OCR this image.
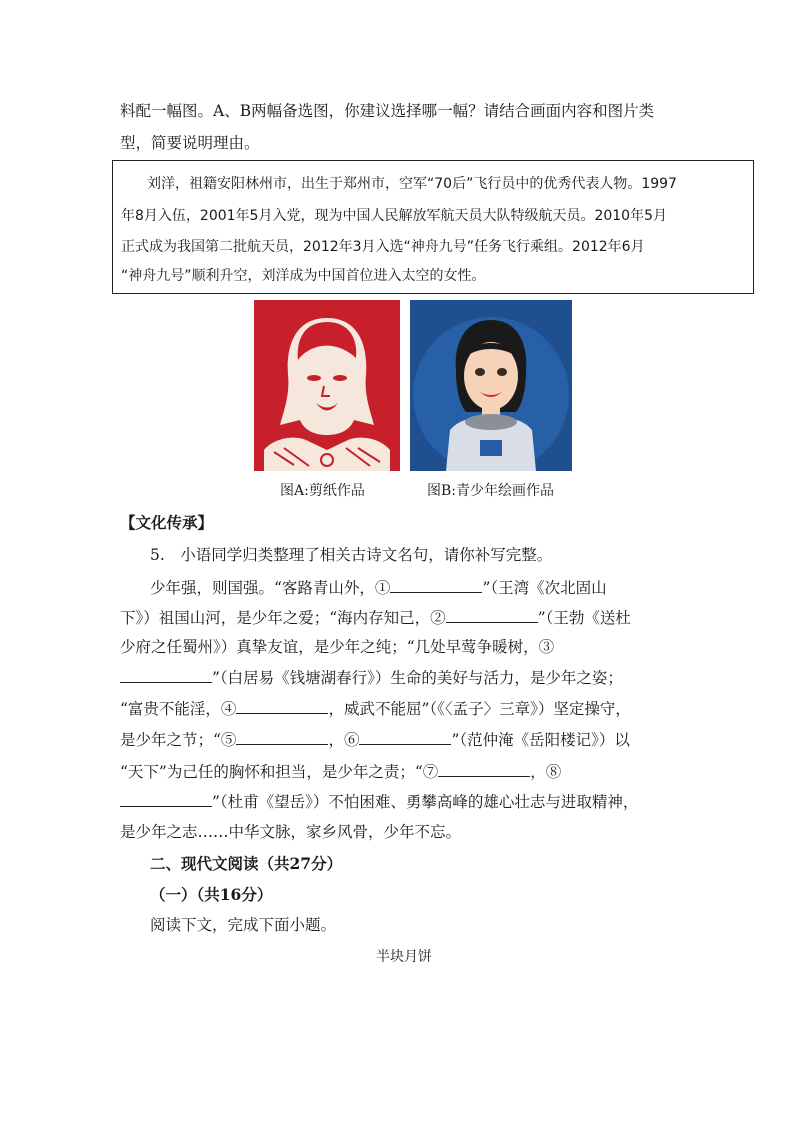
料配一幅图。A、B两幅备选图，你建议选择哪一幅？请结合画面内容和图片类
型，简要说明理由。
刘洋，祖籍安阳林州市，出生于郑州市，空军“70后”飞行员中的优秀代表人物。1997
年8月入伍，2001年5月入党，现为中国人民解放军航天员大队特级航天员。2010年5月
正式成为我国第二批航天员，2012年3月入选“神舟九号”任务飞行乘组。2012年6月
“神舟九号”顺利升空，刘洋成为中国首位进入太空的女性。
图A:剪纸作品	图B:青少年绘画作品
【文化传承】
5.　小语同学归类整理了相关古诗文名句，请你补写完整。
少年强，则国强。“客路青山外，①	”（王湾《次北固山
下》）祖国山河，是少年之爱；“海内存知己，②	”（王勃《送杜
少府之任蜀州》）真挚友谊，是少年之纯；“几处早莺争暖树，③
”（白居易《钱塘湖春行》）生命的美好与活力，是少年之姿；
“富贵不能淫，④	，威武不能屈”（《〈孟子〉三章》）坚定操守，
是少年之节；“⑤	，⑥	”（范仲淹《岳阳楼记》）以
“天下”为己任的胸怀和担当，是少年之责；“⑦	，⑧
”（杜甫《望岳》）不怕困难、勇攀高峰的雄心壮志与进取精神，
是少年之志……中华文脉，家乡风骨，少年不忘。
二、现代文阅读（共27分）
（一）（共16分）
阅读下文，完成下面小题。
半块月饼
